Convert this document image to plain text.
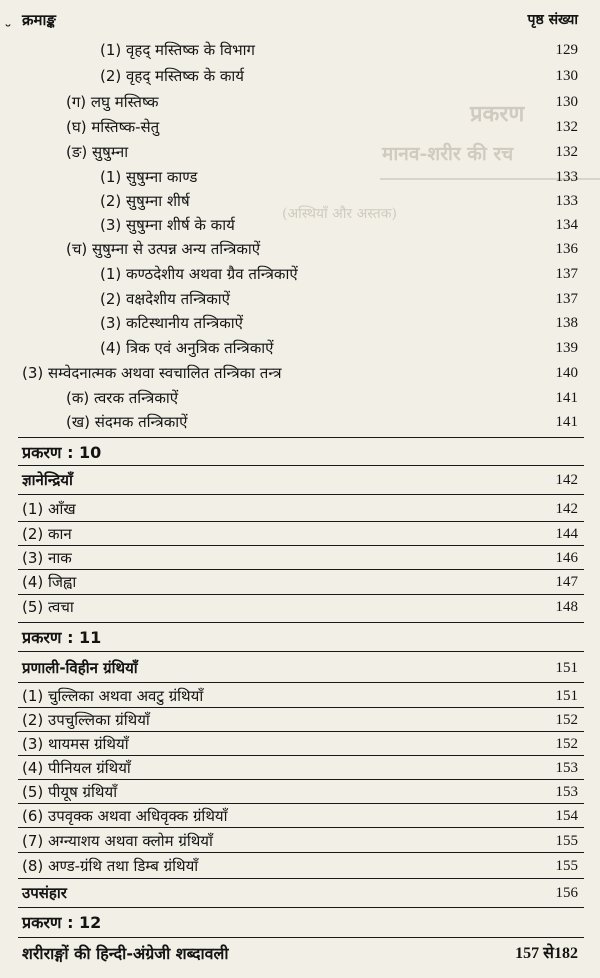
प्रकरण
मानव-शरीर की रच
(अस्थियाँ और अस्तक)
˘
क्रमाङ्क	पृष्ठ संख्या
(1) वृहद् मस्तिष्क के विभाग	129
(2) वृहद् मस्तिष्क के कार्य	130
(ग) लघु मस्तिष्क	130
(घ) मस्तिष्क-सेतु	132
(ङ) सुषुम्ना	132
(1) सुषुम्ना काण्ड	133
(2) सुषुम्ना शीर्ष	133
(3) सुषुम्ना शीर्ष के कार्य	134
(च) सुषुम्ना से उत्पन्न अन्य तन्त्रिकाऐं	136
(1) कण्ठदेशीय अथवा ग्रैव तन्त्रिकाऐं	137
(2) वक्षदेशीय तन्त्रिकाऐं	137
(3) कटिस्थानीय तन्त्रिकाऐं	138
(4) त्रिक एवं अनुत्रिक तन्त्रिकाऐं	139
(3) सम्वेदनात्मक अथवा स्वचालित तन्त्रिका तन्त्र	140
(क) त्वरक तन्त्रिकाऐं	141
(ख) संदमक तन्त्रिकाऐं	141
प्रकरण : 10
ज्ञानेन्द्रियाँ	142
(1) आँख	142
(2) कान	144
(3) नाक	146
(4) जिह्वा	147
(5) त्वचा	148
प्रकरण : 11
प्रणाली-विहीन ग्रंथियाँ	151
(1) चुल्लिका अथवा अवटु ग्रंथियाँ	151
(2) उपचुल्लिका ग्रंथियाँ	152
(3) थायमस ग्रंथियाँ	152
(4) पीनियल ग्रंथियाँ	153
(5) पीयूष ग्रंथियाँ	153
(6) उपवृक्क अथवा अधिवृक्क ग्रंथियाँ	154
(7) अग्न्याशय अथवा क्लोम ग्रंथियाँ	155
(8) अण्ड-ग्रंथि तथा डिम्ब ग्रंथियाँ	155
उपसंहार	156
प्रकरण : 12
शरीराङ्गों की हिन्दी-अंग्रेजी शब्दावली	157 से182
